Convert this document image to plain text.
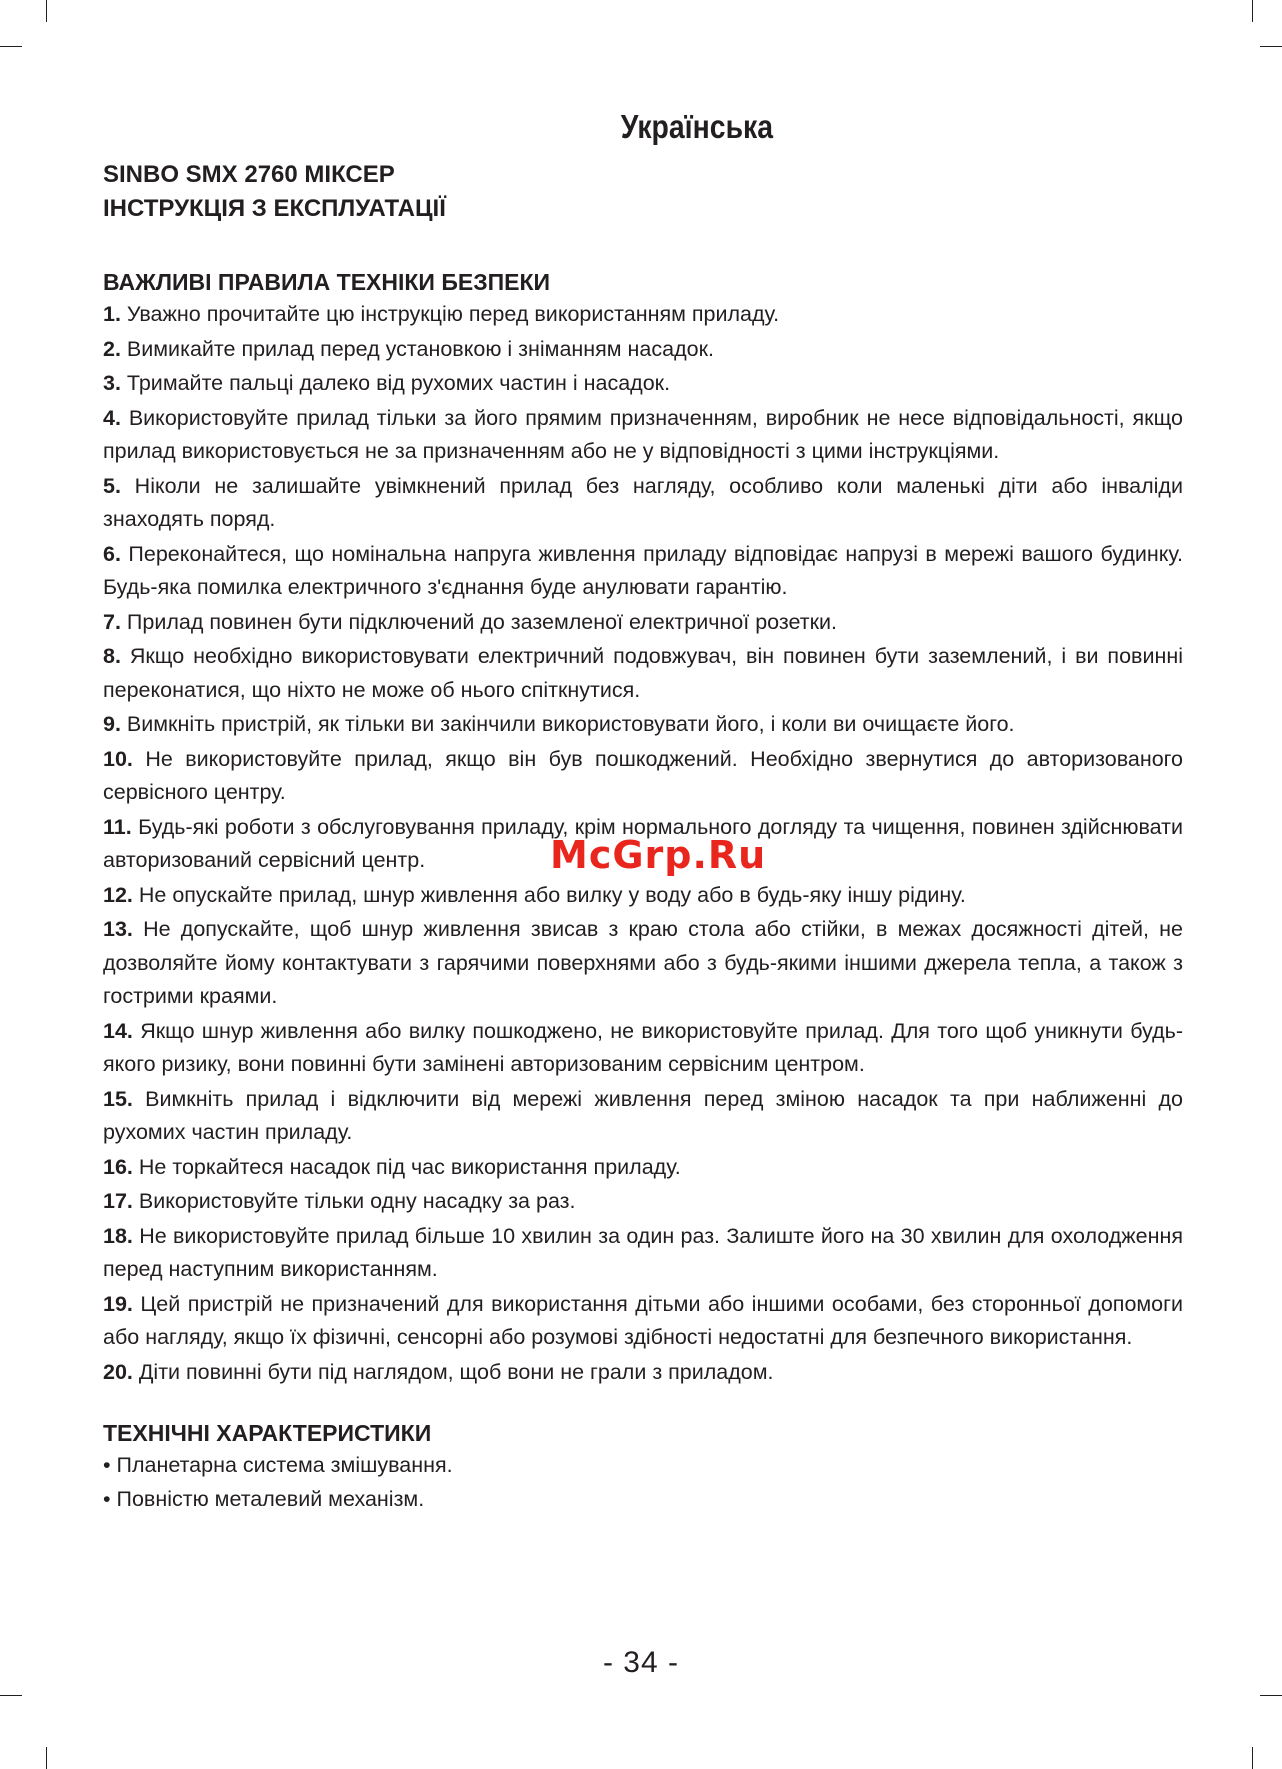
Українська

SINBO SMX 2760 МІКСЕР

ІНСТРУКЦІЯ З ЕКСПЛУАТАЦІЇ

ВАЖЛИВІ ПРАВИЛА ТЕХНІКИ БЕЗПЕКИ

1. Уважно прочитайте цю інструкцію перед використанням приладу.

2. Вимикайте прилад перед установкою і зніманням насадок.

3. Тримайте пальці далеко від рухомих частин і насадок.

4. Використовуйте прилад тільки за його прямим призначенням, виробник не несе відповідальності, якщо прилад використовується не за призначенням або не у відповідності з цими інструкціями.

5. Ніколи не залишайте увімкнений прилад без нагляду, особливо коли маленькі діти або інваліди знаходять поряд.

6. Переконайтеся, що номінальна напруга живлення приладу відповідає напрузі в мережі вашого будинку. Будь-яка помилка електричного з'єднання буде анулювати гарантію.

7. Прилад повинен бути підключений до заземленої електричної розетки.

8. Якщо необхідно використовувати електричний подовжувач, він повинен бути заземлений, і ви повинні переконатися, що ніхто не може об нього спіткнутися.

9. Вимкніть пристрій, як тільки ви закінчили використовувати його, і коли ви очищаєте його.

10. Не використовуйте прилад, якщо він був пошкоджений. Необхідно звернутися до авторизованого сервісного центру.

11. Будь-які роботи з обслуговування приладу, крім нормального догляду та чищення, повинен здійснювати авторизований сервісний центр.

12. Не опускайте прилад, шнур живлення або вилку у воду або в будь-яку іншу рідину.

13. Не допускайте, щоб шнур живлення звисав з краю стола або стійки, в межах досяжності дітей, не дозволяйте йому контактувати з гарячими поверхнями або з будь-якими іншими джерела тепла, а також з гострими краями.

14. Якщо шнур живлення або вилку пошкоджено, не використовуйте прилад. Для того щоб уникнути будь-якого ризику, вони повинні бути замінені авторизованим сервісним центром.

15. Вимкніть прилад і відключити від мережі живлення перед зміною насадок та при наближенні до рухомих частин приладу.

16. Не торкайтеся насадок під час використання приладу.

17. Використовуйте тільки одну насадку за раз.

18. Не використовуйте прилад більше 10 хвилин за один раз. Залиште його на 30 хвилин для охолодження перед наступним використанням.

19. Цей пристрій не призначений для використання дітьми або іншими особами, без сторонньої допомоги або нагляду, якщо їх фізичні, сенсорні або розумові здібності недостатні для безпечного використання.

20. Діти повинні бути під наглядом, щоб вони не грали з приладом.

ТЕХНІЧНІ ХАРАКТЕРИСТИКИ

• Планетарна система змішування.

• Повністю металевий механізм.

McGrp.Ru
- 34 -
